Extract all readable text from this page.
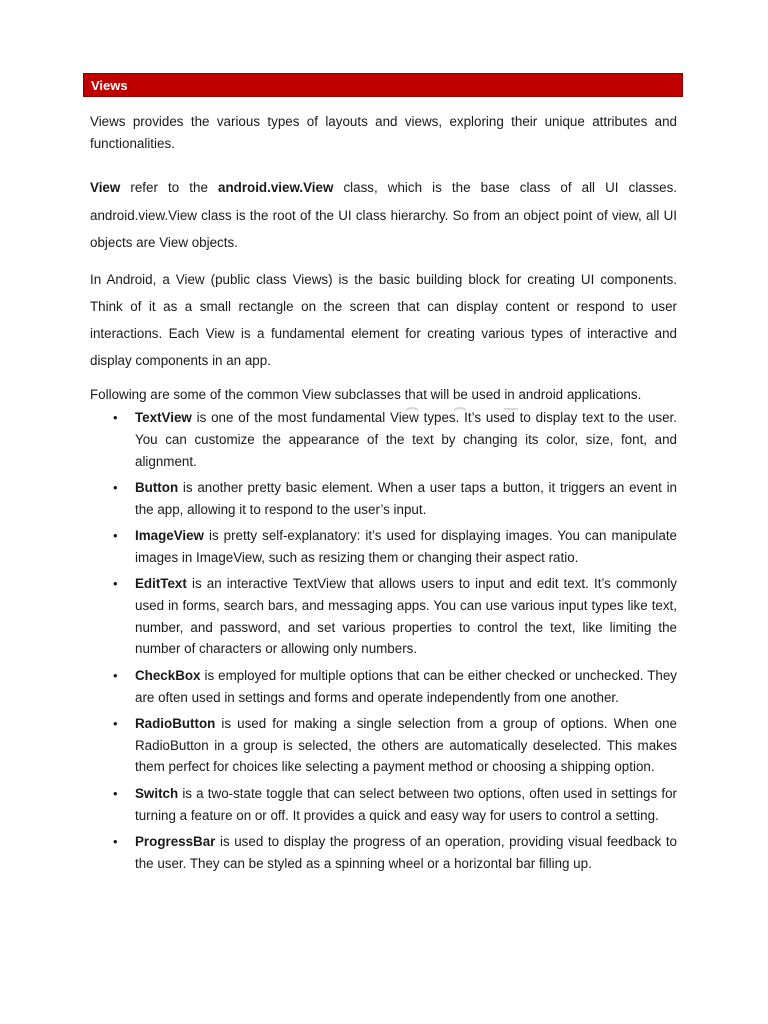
Views

Views provides the various types of layouts and views, exploring their unique attributes and functionalities.

View refer to the android.view.View class, which is the base class of all UI classes. android.view.View class is the root of the UI class hierarchy. So from an object point of view, all UI objects are View objects.

In Android, a View (public class Views) is the basic building block for creating UI components. Think of it as a small rectangle on the screen that can display content or respond to user interactions. Each View is a fundamental element for creating various types of interactive and display components in an app.

Following are some of the common View subclasses that will be used in android applications.

• TextView is one of the most fundamental View types. It’s used to display text to the user. You can customize the appearance of the text by changing its color, size, font, and alignment.
• Button is another pretty basic element. When a user taps a button, it triggers an event in the app, allowing it to respond to the user’s input.
• ImageView is pretty self-explanatory: it’s used for displaying images. You can manipulate images in ImageView, such as resizing them or changing their aspect ratio.
• EditText is an interactive TextView that allows users to input and edit text. It’s commonly used in forms, search bars, and messaging apps. You can use various input types like text, number, and password, and set various properties to control the text, like limiting the number of characters or allowing only numbers.
• CheckBox is employed for multiple options that can be either checked or unchecked. They are often used in settings and forms and operate independently from one another.
• RadioButton is used for making a single selection from a group of options. When one RadioButton in a group is selected, the others are automatically deselected. This makes them perfect for choices like selecting a payment method or choosing a shipping option.
• Switch is a two-state toggle that can select between two options, often used in settings for turning a feature on or off. It provides a quick and easy way for users to control a setting.
• ProgressBar is used to display the progress of an operation, providing visual feedback to the user. They can be styled as a spinning wheel or a horizontal bar filling up.
